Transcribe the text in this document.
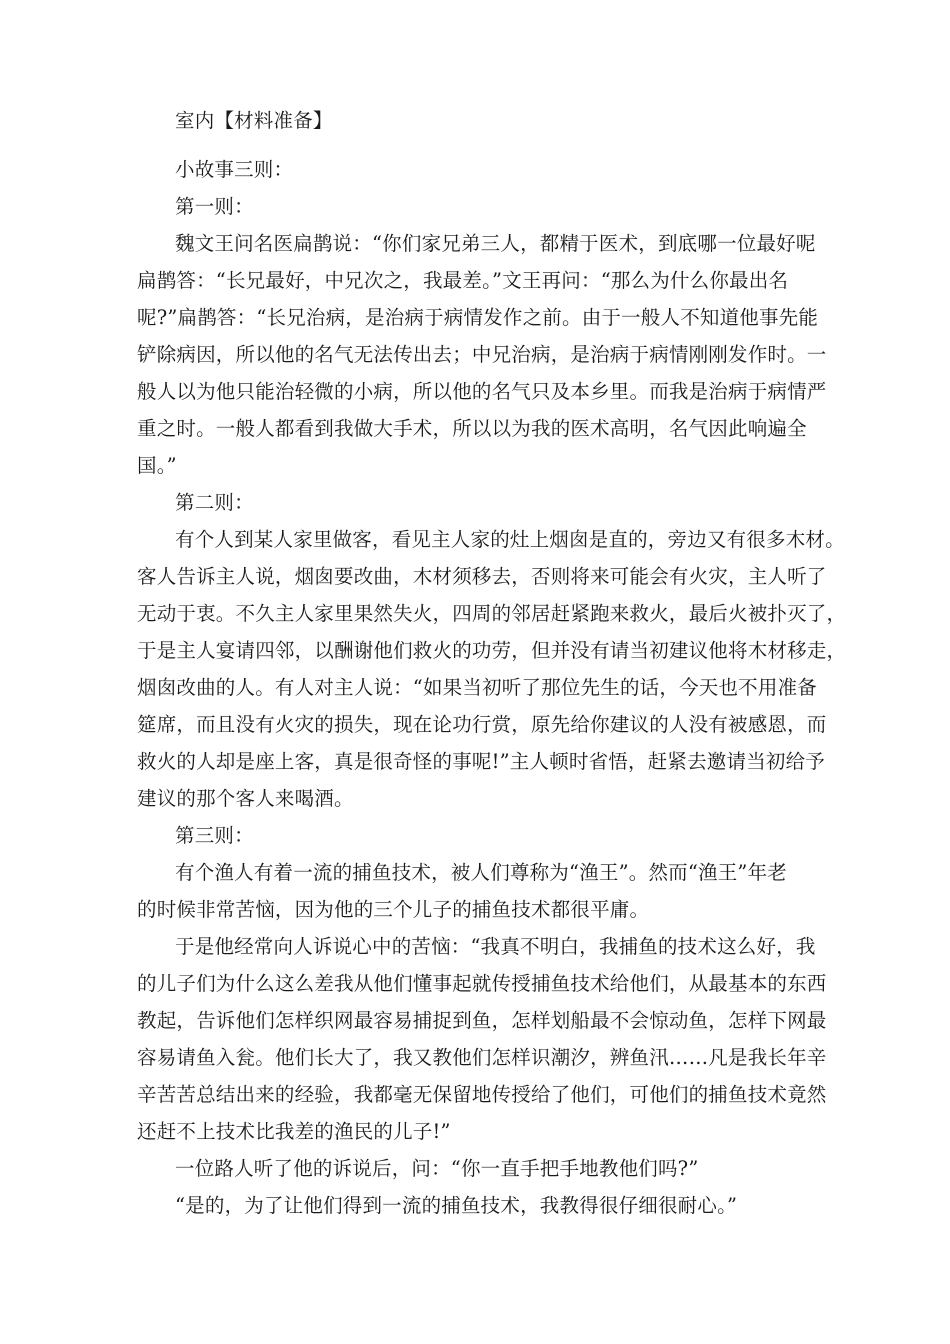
室内【材料准备】
小故事三则：
第一则：
魏文王问名医扁鹊说：“你们家兄弟三人，都精于医术，到底哪一位最好呢
扁鹊答：“长兄最好，中兄次之，我最差。”文王再问：“那么为什么你最出名
呢?”扁鹊答：“长兄治病，是治病于病情发作之前。由于一般人不知道他事先能
铲除病因，所以他的名气无法传出去；中兄治病，是治病于病情刚刚发作时。一
般人以为他只能治轻微的小病，所以他的名气只及本乡里。而我是治病于病情严
重之时。一般人都看到我做大手术，所以以为我的医术高明，名气因此响遍全
国。”
第二则：
有个人到某人家里做客，看见主人家的灶上烟囱是直的，旁边又有很多木材。
客人告诉主人说，烟囱要改曲，木材须移去，否则将来可能会有火灾，主人听了
无动于衷。不久主人家里果然失火，四周的邻居赶紧跑来救火，最后火被扑灭了，
于是主人宴请四邻，以酬谢他们救火的功劳，但并没有请当初建议他将木材移走，
烟囱改曲的人。有人对主人说：“如果当初听了那位先生的话，今天也不用准备
筵席，而且没有火灾的损失，现在论功行赏，原先给你建议的人没有被感恩，而
救火的人却是座上客，真是很奇怪的事呢!”主人顿时省悟，赶紧去邀请当初给予
建议的那个客人来喝酒。
第三则：
有个渔人有着一流的捕鱼技术，被人们尊称为“渔王”。然而“渔王”年老
的时候非常苦恼，因为他的三个儿子的捕鱼技术都很平庸。
于是他经常向人诉说心中的苦恼：“我真不明白，我捕鱼的技术这么好，我
的儿子们为什么这么差我从他们懂事起就传授捕鱼技术给他们，从最基本的东西
教起，告诉他们怎样织网最容易捕捉到鱼，怎样划船最不会惊动鱼，怎样下网最
容易请鱼入瓮。他们长大了，我又教他们怎样识潮汐，辨鱼汛……凡是我长年辛
辛苦苦总结出来的经验，我都毫无保留地传授给了他们，可他们的捕鱼技术竟然
还赶不上技术比我差的渔民的儿子!”
一位路人听了他的诉说后，问：“你一直手把手地教他们吗?”
“是的，为了让他们得到一流的捕鱼技术，我教得很仔细很耐心。”
